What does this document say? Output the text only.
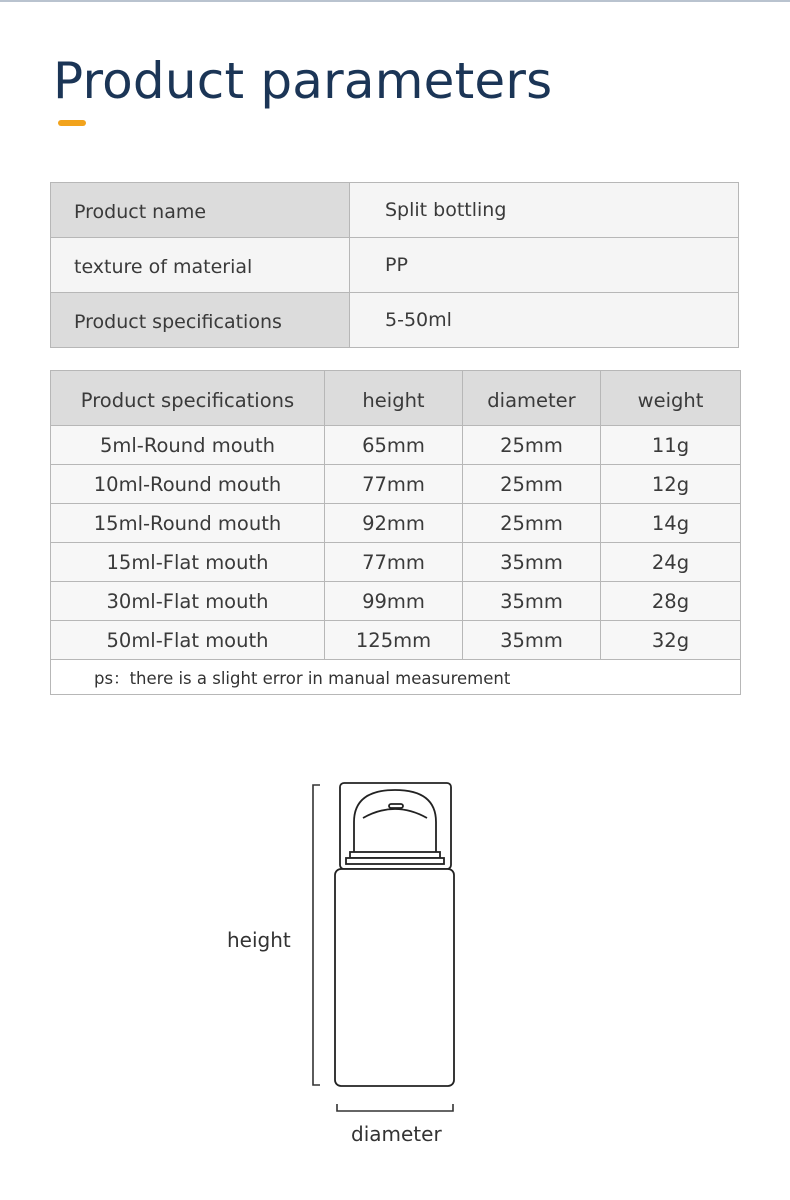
Product parameters
Product name	Split bottling
texture of material	PP
Product specifications	5-50ml
Product specifications	height	diameter	weight
5ml-Round mouth	65mm	25mm	11g
10ml-Round mouth	77mm	25mm	12g
15ml-Round mouth	92mm	25mm	14g
15ml-Flat mouth	77mm	35mm	24g
30ml-Flat mouth	99mm	35mm	28g
50ml-Flat mouth	125mm	35mm	32g
ps：there is a slight error in manual measurement			
height
diameter
